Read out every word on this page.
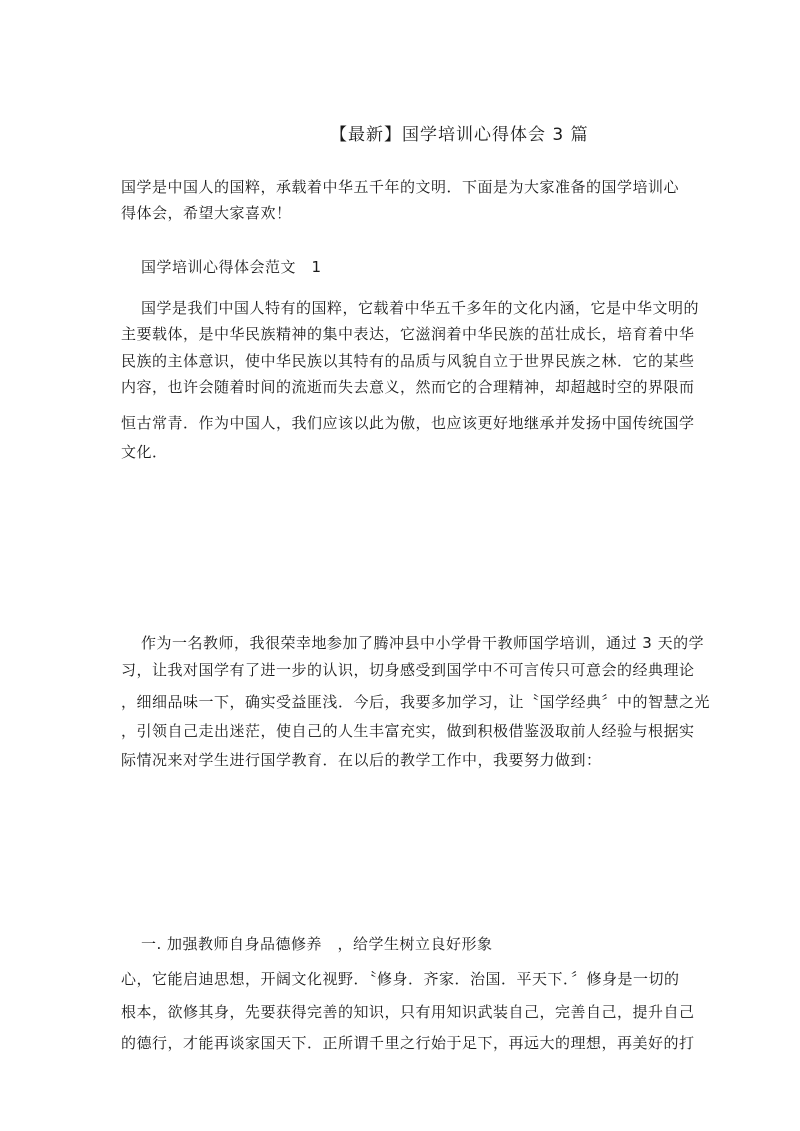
【最新】国学培训心得体会 3 篇
国学是中国人的国粹，承载着中华五千年的文明．下面是为大家准备的国学培训心
得体会，希望大家喜欢！
国学培训心得体会范文　1
国学是我们中国人特有的国粹，它载着中华五千多年的文化内涵，它是中华文明的
主要载体，是中华民族精神的集中表达，它滋润着中华民族的茁壮成长，培育着中华
民族的主体意识，使中华民族以其特有的品质与风貌自立于世界民族之林．它的某些
内容，也许会随着时间的流逝而失去意义，然而它的合理精神，却超越时空的界限而
恒古常青．作为中国人，我们应该以此为傲，也应该更好地继承并发扬中国传统国学
文化．
作为一名教师，我很荣幸地参加了腾冲县中小学骨干教师国学培训，通过 3 天的学
习，让我对国学有了进一步的认识，切身感受到国学中不可言传只可意会的经典理论
，细细品味一下，确实受益匪浅．今后，我要多加学习，让〝国学经典〞中的智慧之光
，引领自己走出迷茫，使自己的人生丰富充实，做到积极借鉴汲取前人经验与根据实
际情况来对学生进行国学教育．在以后的教学工作中，我要努力做到：
一. 加强教师自身品德修养　，给学生树立良好形象
心，它能启迪思想，开阔文化视野．〝修身．齐家．治国．平天下．〞修身是一切的
根本，欲修其身，先要获得完善的知识，只有用知识武装自己，完善自己，提升自己
的德行，才能再谈家国天下．正所谓千里之行始于足下，再远大的理想，再美好的打
